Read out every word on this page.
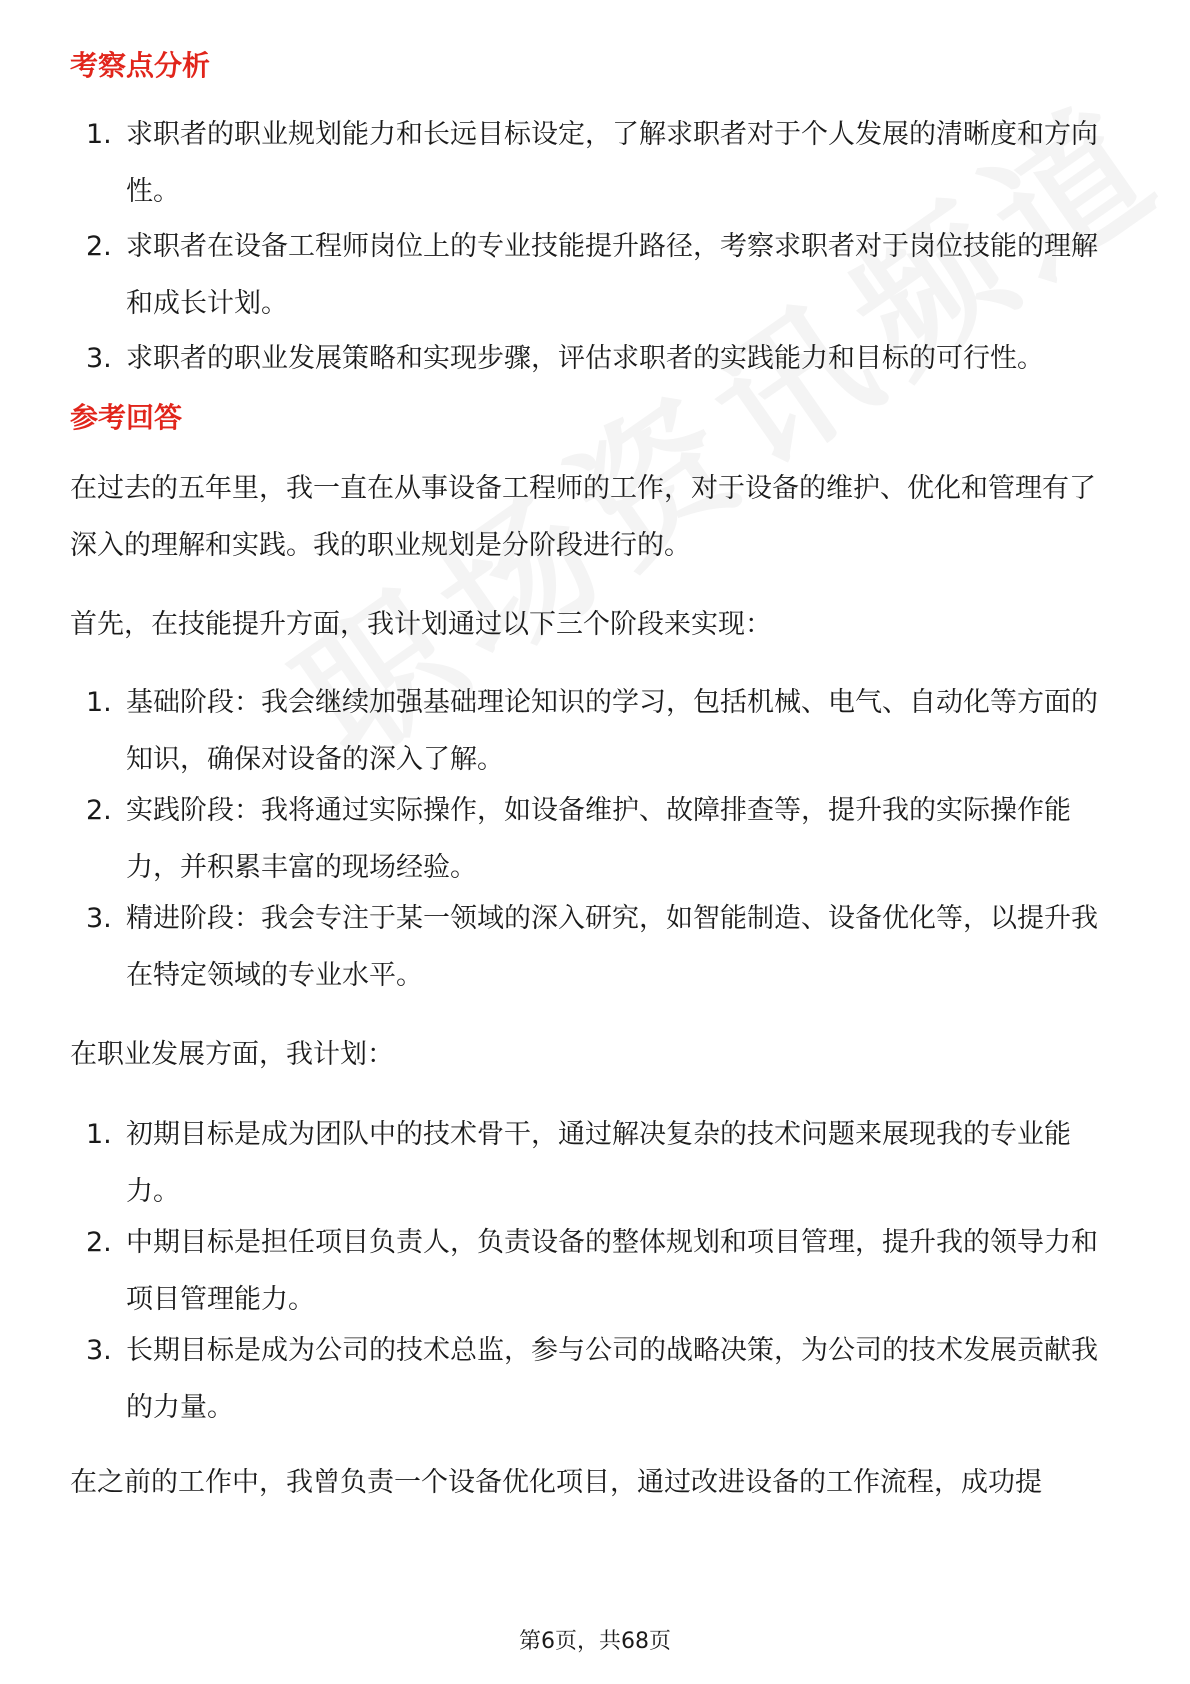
考察点分析
1. 求职者的职业规划能力和长远目标设定，了解求职者对于个人发展的清晰度和方向性。
2. 求职者在设备工程师岗位上的专业技能提升路径，考察求职者对于岗位技能的理解和成长计划。
3. 求职者的职业发展策略和实现步骤，评估求职者的实践能力和目标的可行性。
参考回答

在过去的五年里，我一直在从事设备工程师的工作，对于设备的维护、优化和管理有了深入的理解和实践。我的职业规划是分阶段进行的。

首先，在技能提升方面，我计划通过以下三个阶段来实现：

1. 基础阶段：我会继续加强基础理论知识的学习，包括机械、电气、自动化等方面的知识，确保对设备的深入了解。
2. 实践阶段：我将通过实际操作，如设备维护、故障排查等，提升我的实际操作能力，并积累丰富的现场经验。
3. 精进阶段：我会专注于某一领域的深入研究，如智能制造、设备优化等，以提升我在特定领域的专业水平。

在职业发展方面，我计划：

1. 初期目标是成为团队中的技术骨干，通过解决复杂的技术问题来展现我的专业能力。
2. 中期目标是担任项目负责人，负责设备的整体规划和项目管理，提升我的领导力和项目管理能力。
3. 长期目标是成为公司的技术总监，参与公司的战略决策，为公司的技术发展贡献我的力量。

在之前的工作中，我曾负责一个设备优化项目，通过改进设备的工作流程，成功提

第6页，共68页
